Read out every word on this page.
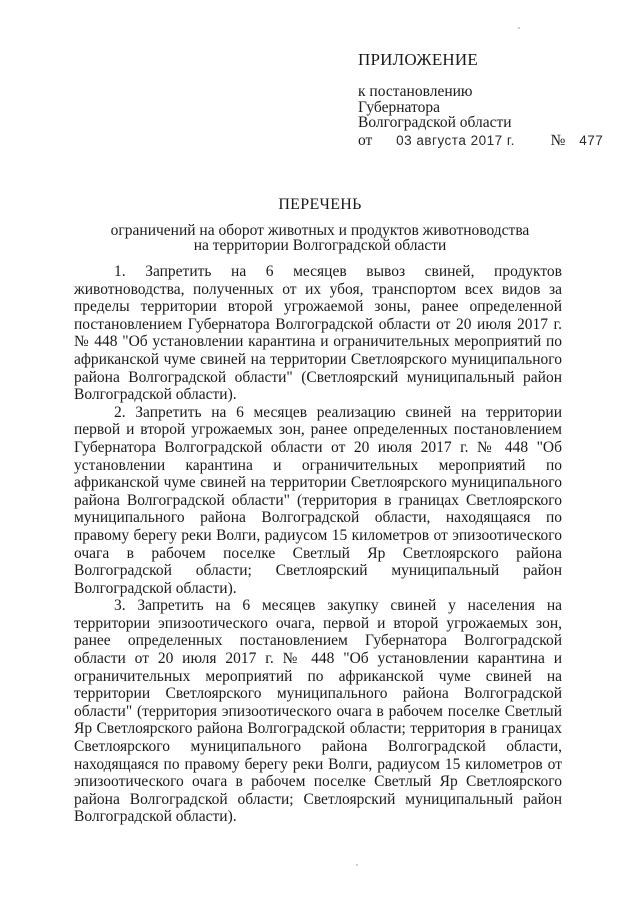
ПРИЛОЖЕНИЕ

к постановлению

Губернатора

Волгоградской области

от 03 августа 2017 г. № 477

ПЕРЕЧЕНЬ

ограничений на оборот животных и продуктов животноводства

на территории Волгоградской области

1. Запретить на 6 месяцев вывоз свиней, продуктов животноводства, полученных от их убоя, транспортом всех видов за пределы территории второй угрожаемой зоны, ранее определенной постановлением Губернатора Волгоградской области от 20 июля 2017 г. № 448 "Об установлении карантина и ограничительных мероприятий по африканской чуме свиней на территории Светлоярского муниципального района Волгоградской области" (Светлоярский муниципальный район Волгоградской области).

2. Запретить на 6 месяцев реализацию свиней на территории первой и второй угрожаемых зон, ранее определенных постановлением Губернатора Волгоградской области от 20 июля 2017 г. № 448 "Об установлении карантина и ограничительных мероприятий по африканской чуме свиней на территории Светлоярского муниципального района Волгоградской области" (территория в границах Светлоярского муниципального района Волгоградской области, находящаяся по правому берегу реки Волги, радиусом 15 километров от эпизоотического очага в рабочем поселке Светлый Яр Светлоярского района Волгоградской области; Светлоярский муниципальный район Волгоградской области).

3. Запретить на 6 месяцев закупку свиней у населения на территории эпизоотического очага, первой и второй угрожаемых зон, ранее определенных постановлением Губернатора Волгоградской области от 20 июля 2017 г. № 448 "Об установлении карантина и ограничительных мероприятий по африканской чуме свиней на территории Светлоярского муниципального района Волгоградской области" (территория эпизоотического очага в рабочем поселке Светлый Яр Светлоярского района Волгоградской области; территория в границах Светлоярского муниципального района Волгоградской области, находящаяся по правому берегу реки Волги, радиусом 15 километров от эпизоотического очага в рабочем поселке Светлый Яр Светлоярского района Волгоградской области; Светлоярский муниципальный район Волгоградской области).
